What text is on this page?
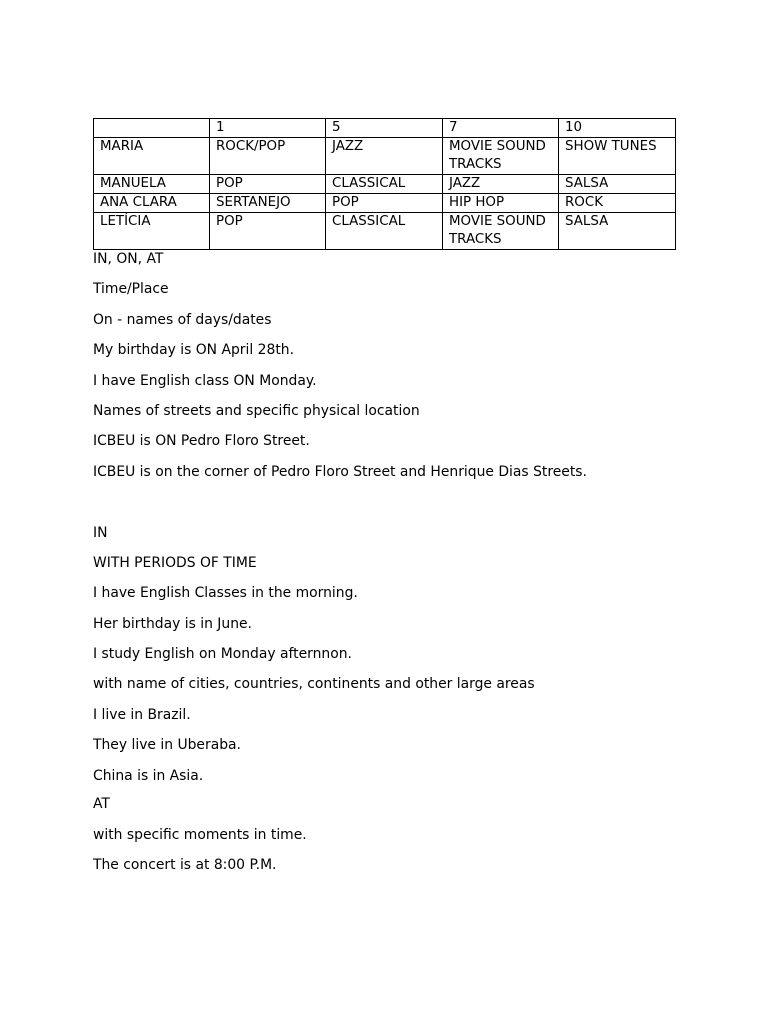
	1	5	7	10
MARIA	ROCK/POP	JAZZ	MOVIE SOUNDTRACKS	SHOW TUNES
MANUELA	POP	CLASSICAL	JAZZ	SALSA
ANA CLARA	SERTANEJO	POP	HIP HOP	ROCK
LETÍCIA	POP	CLASSICAL	MOVIE SOUNDTRACKS	SALSA
IN, ON, AT
Time/Place
On - names of days/dates
My birthday is ON April 28th.
I have English class ON Monday.
Names of streets and specific physical location
ICBEU is ON Pedro Floro Street.
ICBEU is on the corner of Pedro Floro Street and Henrique Dias Streets.
IN
WITH PERIODS OF TIME
I have English Classes in the morning.
Her birthday is in June.
I study English on Monday afternnon.
with name of cities, countries, continents and other large areas
I live in Brazil.
They live in Uberaba.
China is in Asia.
AT
with specific moments in time.
The concert is at 8:00 P.M.
